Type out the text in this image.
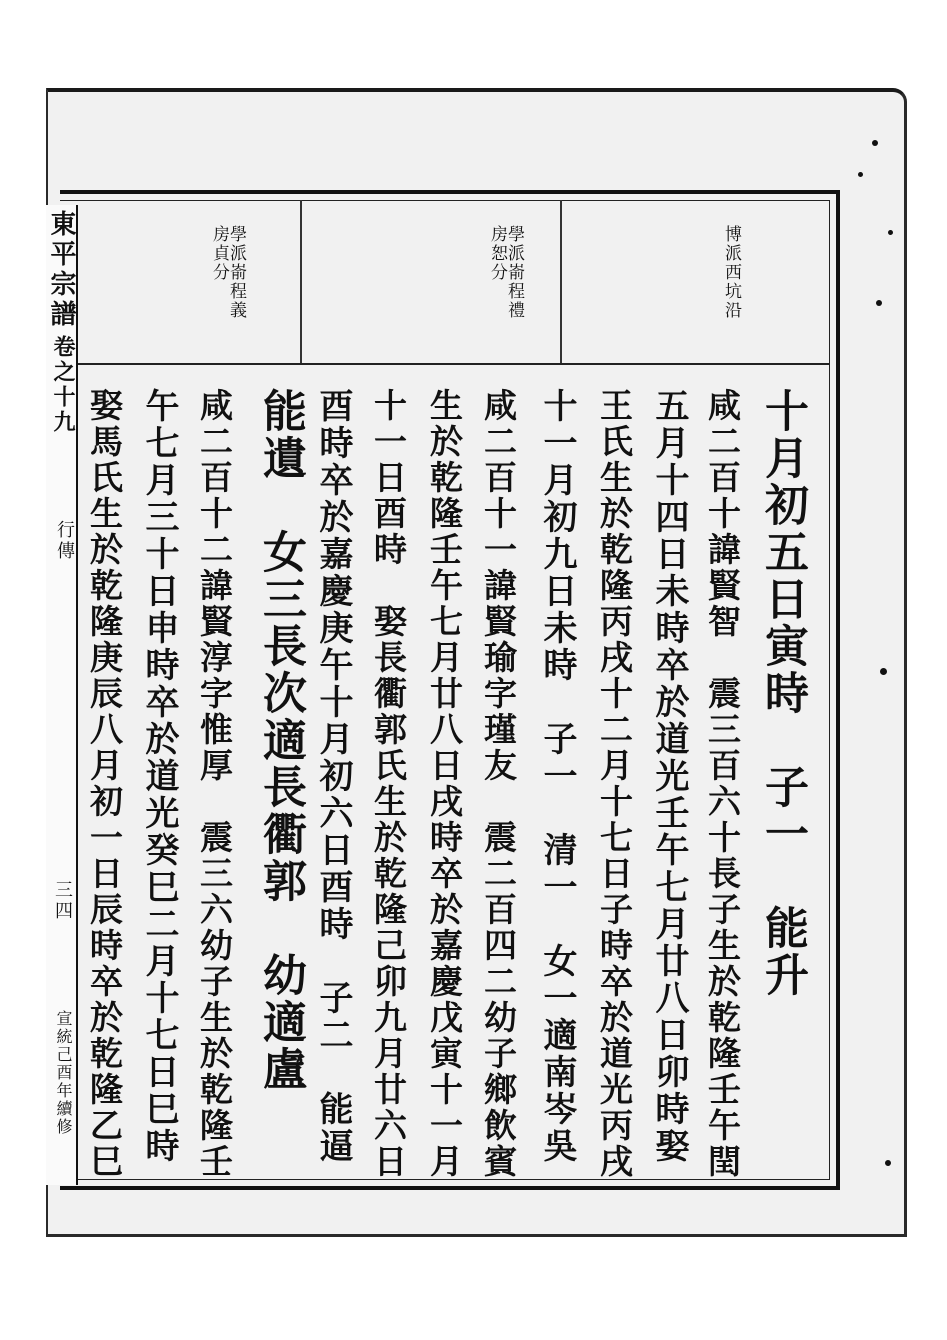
東平宗譜
卷之十九
行傳
三四
宣統己酉年續修
博派西坑沿
學派嵛程禮房恕分
學派嵛程義房貞分
十月初五日寅時　子一　能升
咸二百十諱賢智　震三百六十長子生於乾隆壬午閏
五月十四日未時卒於道光壬午七月廿八日卯時娶
王氏生於乾隆丙戌十二月十七日子時卒於道光丙戌
十一月初九日未時　子一　清一　女一適南岑吳
咸二百十一諱賢瑜字瑾友　震二百四二幼子鄉飲賓
生於乾隆壬午七月廿八日戌時卒於嘉慶戊寅十一月
十一日酉時　娶長衢郭氏生於乾隆己卯九月廿六日
酉時卒於嘉慶庚午十月初六日酉時　子二　能逼
能遺　女三長次適長衢郭　幼適盧
咸二百十二諱賢淳字惟厚　震三六幼子生於乾隆壬
午七月三十日申時卒於道光癸巳二月十七日巳時
娶馬氏生於乾隆庚辰八月初一日辰時卒於乾隆乙巳
